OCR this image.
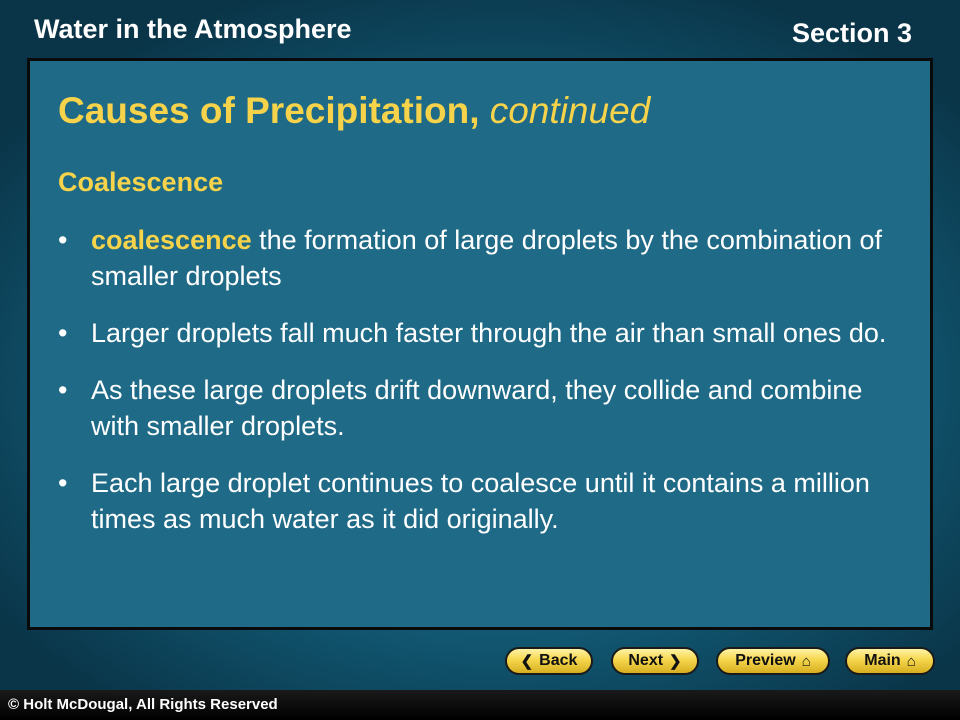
Water in the Atmosphere	Section 3
Causes of Precipitation, continued
Coalescence
• coalescence the formation of large droplets by the combination of smaller droplets
• Larger droplets fall much faster through the air than small ones do.
• As these large droplets drift downward, they collide and combine with smaller droplets.
• Each large droplet continues to coalesce until it contains a million times as much water as it did originally.
❮ Back	Next ❯	Preview ⌂	Main ⌂
© Holt McDougal, All Rights Reserved
